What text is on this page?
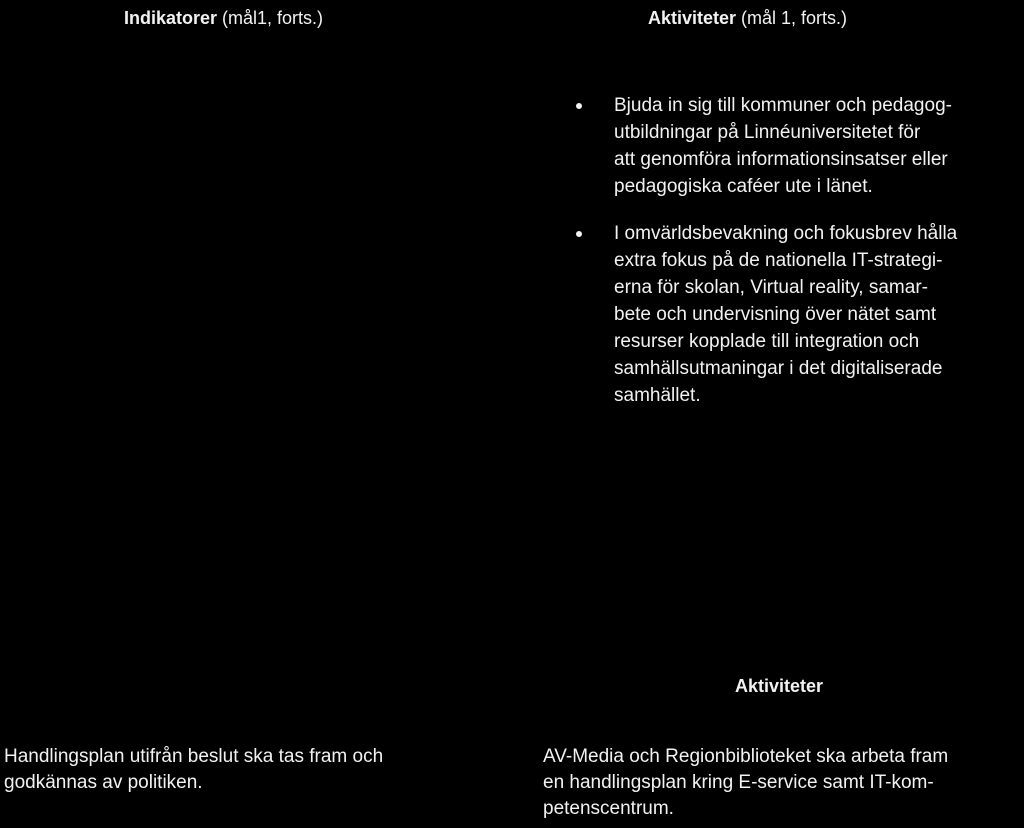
Indikatorer (mål1, forts.)	Aktiviteter (mål 1, forts.)
Bjuda in sig till kommuner och pedagog-
utbildningar på Linnéuniversitetet för
att genomföra informationsinsatser eller
pedagogiska caféer ute i länet.
I omvärldsbevakning och fokusbrev hålla
extra fokus på de nationella IT-strategi-
erna för skolan, Virtual reality, samar-
bete och undervisning över nätet samt
resurser kopplade till integration och
samhällsutmaningar i det digitaliserade
samhället.
Aktiviteter

Handlingsplan utifrån beslut ska tas fram och
godkännas av politiken.

AV-Media och Regionbiblioteket ska arbeta fram
en handlingsplan kring E-service samt IT-kom-
petenscentrum.
